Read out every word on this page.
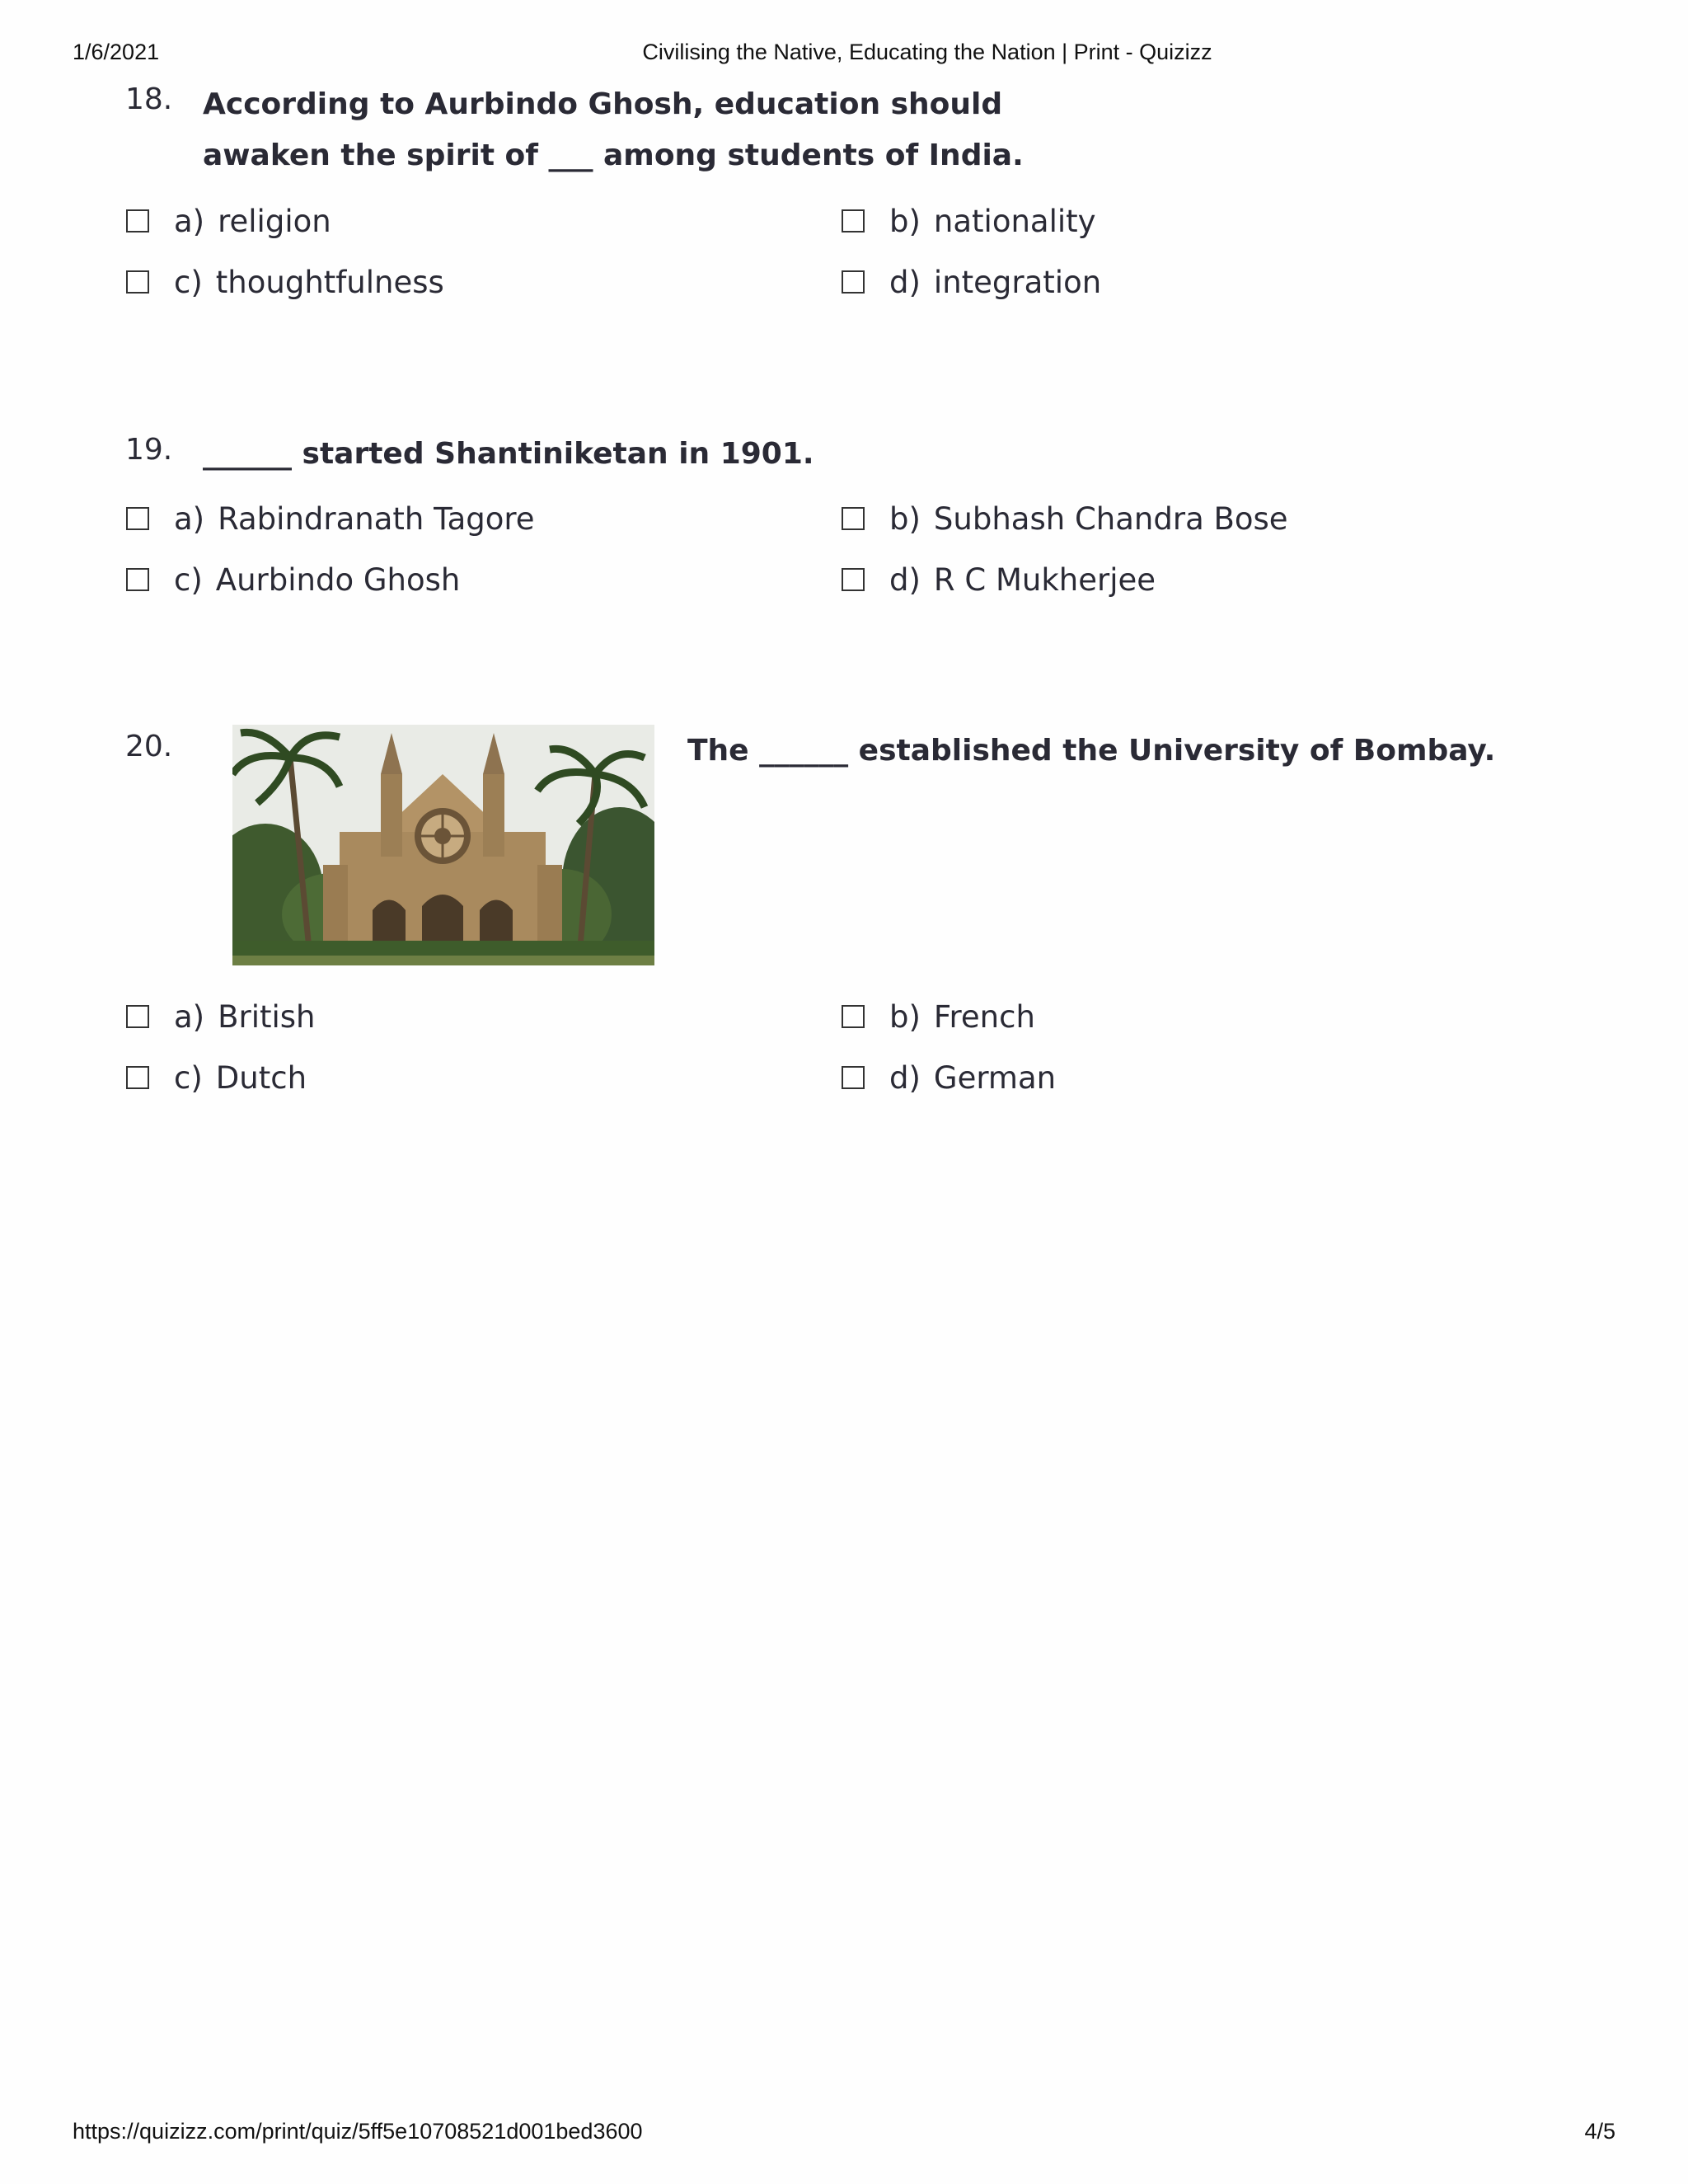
1/6/2021	Civilising the Native, Educating the Nation | Print - Quizizz
18. According to Aurbindo Ghosh, education should
awaken the spirit of ___ among students of India.
a) religion	b) nationality
c) thoughtfulness	d) integration
19. ______ started Shantiniketan in 1901.
a) Rabindranath Tagore	b) Subhash Chandra Bose
c) Aurbindo Ghosh	d) R C Mukherjee
20.	The ______ established the University of Bombay.
a) British	b) French
c) Dutch	d) German
https://quizizz.com/print/quiz/5ff5e10708521d001bed3600	4/5
